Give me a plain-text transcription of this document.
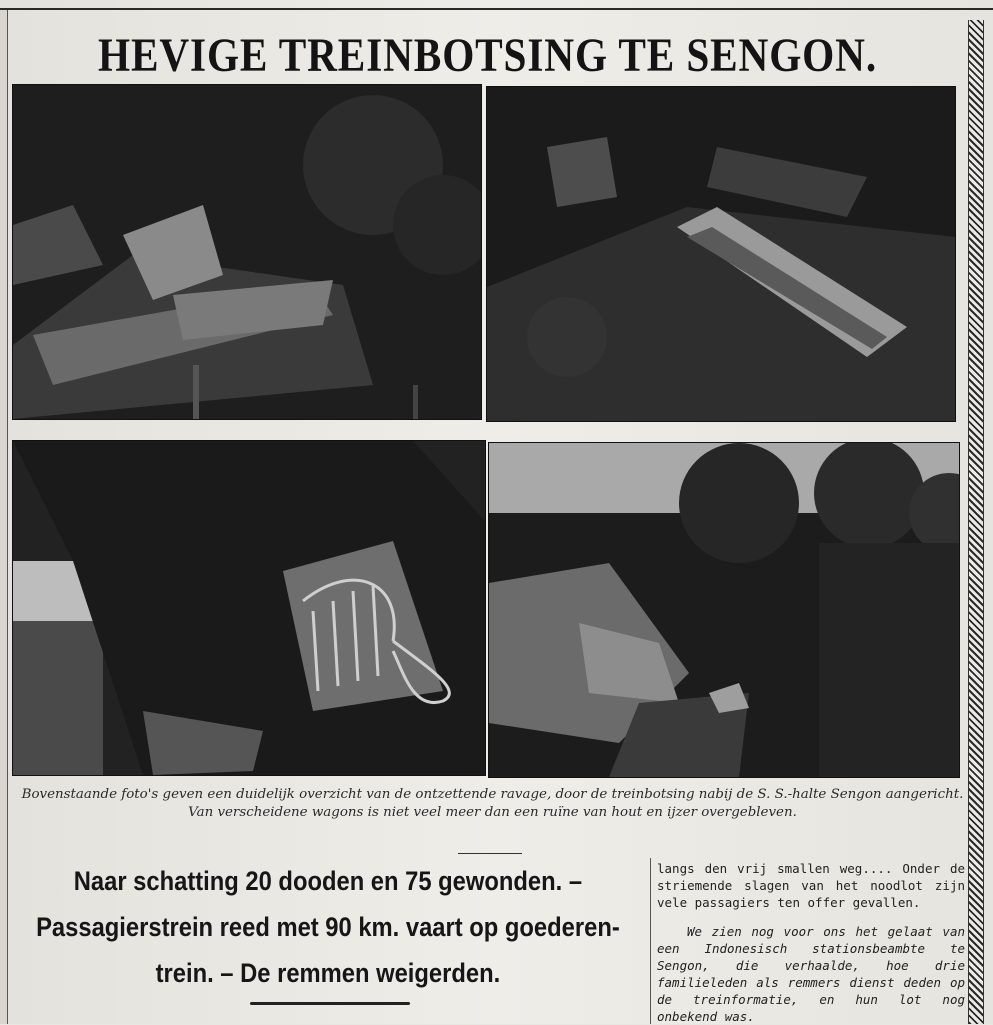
HEVIGE TREINBOTSING TE SENGON.
Bovenstaande foto's geven een duidelijk overzicht van de ontzettende ravage, door de treinbotsing nabij de S. S.-halte Sengon aangericht. Van verscheidene wagons is niet veel meer dan een ruïne van hout en ijzer overgebleven.
Naar schatting 20 dooden en 75 gewonden. – Passagierstrein reed met 90 km. vaart op goederen-trein. – De remmen weigerden.

langs den vrij smallen weg.... Onder de striemende slagen van het noodlot zijn vele passagiers ten offer gevallen.

We zien nog voor ons het gelaat van een Indonesisch stationsbeambte te Sengon, die verhaalde, hoe drie familieleden als remmers dienst deden op de treinformatie, en hun lot nog onbekend was.
